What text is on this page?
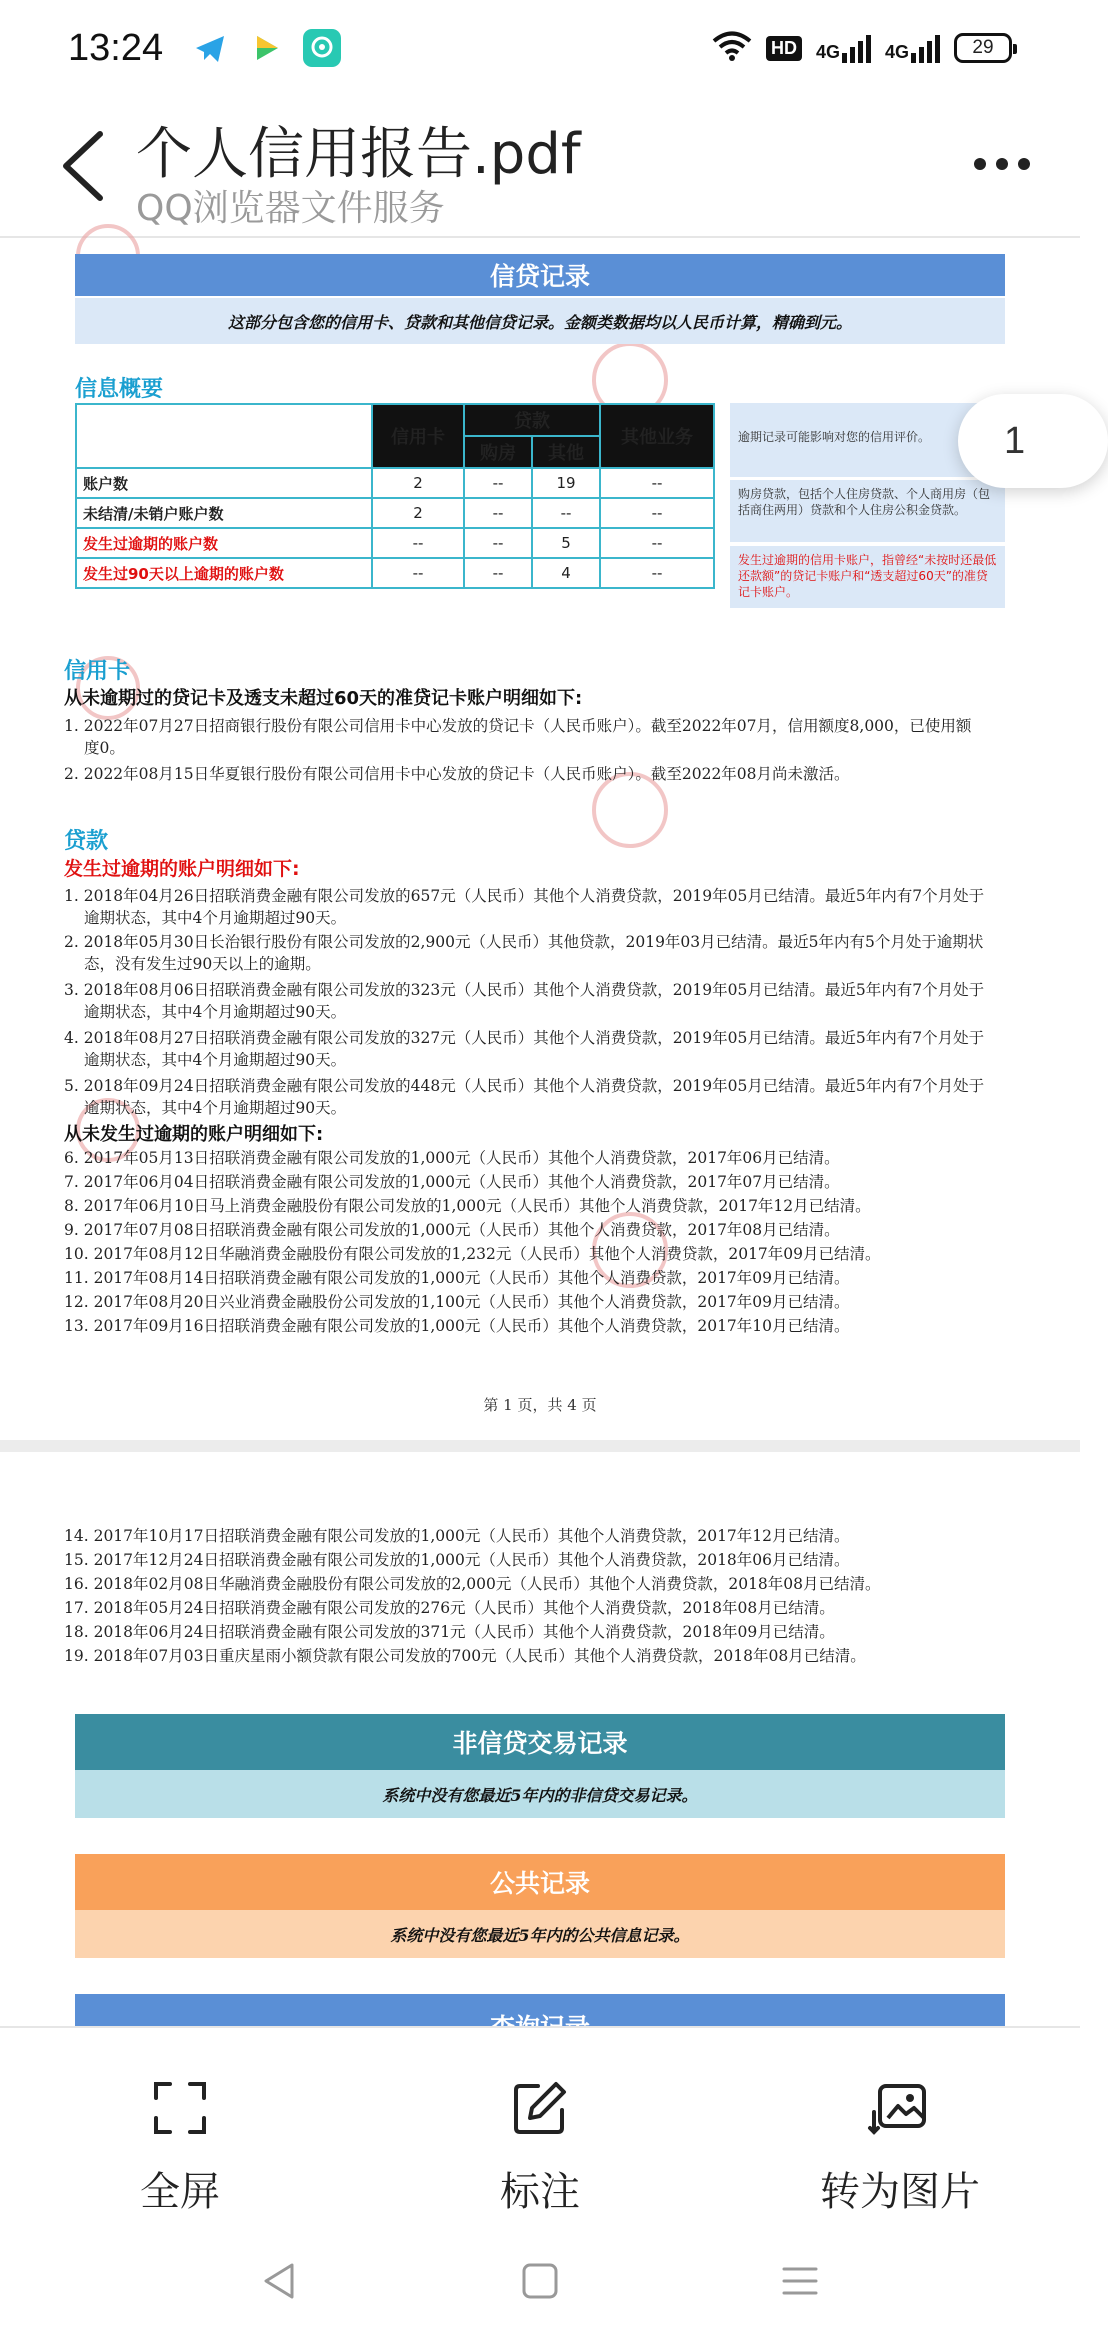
13:24	HD 4G	4G	29
个人信用报告.pdf
QQ浏览器文件服务
信贷记录
这部分包含您的信用卡、贷款和其他信贷记录。金额类数据均以人民币计算，精确到元。
信息概要
	信用卡	贷款		其他业务
		购房	其他	
账户数	2	--	19	--
未结清/未销户账户数	2	--	--	--
发生过逾期的账户数	--	--	5	--
发生过90天以上逾期的账户数	--	--	4	--
逾期记录可能影响对您的信用评价。
购房贷款，包括个人住房贷款、个人商用房（包括商住两用）贷款和个人住房公积金贷款。
发生过逾期的信用卡账户，指曾经“未按时还最低还款额”的贷记卡账户和“透支超过60天”的准贷记卡账户。
信用卡
从未逾期过的贷记卡及透支未超过60天的准贷记卡账户明细如下:
1. 2022年07月27日招商银行股份有限公司信用卡中心发放的贷记卡（人民币账户）。截至2022年07月，信用额度8,000，已使用额
度0。
2. 2022年08月15日华夏银行股份有限公司信用卡中心发放的贷记卡（人民币账户）。截至2022年08月尚未激活。
贷款
发生过逾期的账户明细如下:
1. 2018年04月26日招联消费金融有限公司发放的657元（人民币）其他个人消费贷款，2019年05月已结清。最近5年内有7个月处于
逾期状态，其中4个月逾期超过90天。
2. 2018年05月30日长治银行股份有限公司发放的2,900元（人民币）其他贷款，2019年03月已结清。最近5年内有5个月处于逾期状
态，没有发生过90天以上的逾期。
3. 2018年08月06日招联消费金融有限公司发放的323元（人民币）其他个人消费贷款，2019年05月已结清。最近5年内有7个月处于
逾期状态，其中4个月逾期超过90天。
4. 2018年08月27日招联消费金融有限公司发放的327元（人民币）其他个人消费贷款，2019年05月已结清。最近5年内有7个月处于
逾期状态，其中4个月逾期超过90天。
5. 2018年09月24日招联消费金融有限公司发放的448元（人民币）其他个人消费贷款，2019年05月已结清。最近5年内有7个月处于
逾期状态，其中4个月逾期超过90天。
从未发生过逾期的账户明细如下:
6. 2017年05月13日招联消费金融有限公司发放的1,000元（人民币）其他个人消费贷款，2017年06月已结清。
7. 2017年06月04日招联消费金融有限公司发放的1,000元（人民币）其他个人消费贷款，2017年07月已结清。
8. 2017年06月10日马上消费金融股份有限公司发放的1,000元（人民币）其他个人消费贷款，2017年12月已结清。
9. 2017年07月08日招联消费金融有限公司发放的1,000元（人民币）其他个人消费贷款，2017年08月已结清。
10. 2017年08月12日华融消费金融股份有限公司发放的1,232元（人民币）其他个人消费贷款，2017年09月已结清。
11. 2017年08月14日招联消费金融有限公司发放的1,000元（人民币）其他个人消费贷款，2017年09月已结清。
12. 2017年08月20日兴业消费金融股份公司发放的1,100元（人民币）其他个人消费贷款，2017年09月已结清。
13. 2017年09月16日招联消费金融有限公司发放的1,000元（人民币）其他个人消费贷款，2017年10月已结清。
第 1 页，共 4 页
14. 2017年10月17日招联消费金融有限公司发放的1,000元（人民币）其他个人消费贷款，2017年12月已结清。
15. 2017年12月24日招联消费金融有限公司发放的1,000元（人民币）其他个人消费贷款，2018年06月已结清。
16. 2018年02月08日华融消费金融股份有限公司发放的2,000元（人民币）其他个人消费贷款，2018年08月已结清。
17. 2018年05月24日招联消费金融有限公司发放的276元（人民币）其他个人消费贷款，2018年08月已结清。
18. 2018年06月24日招联消费金融有限公司发放的371元（人民币）其他个人消费贷款，2018年09月已结清。
19. 2018年07月03日重庆星雨小额贷款有限公司发放的700元（人民币）其他个人消费贷款，2018年08月已结清。
非信贷交易记录
系统中没有您最近5年内的非信贷交易记录。
公共记录
系统中没有您最近5年内的公共信息记录。
1
全屏	标注	转为图片
